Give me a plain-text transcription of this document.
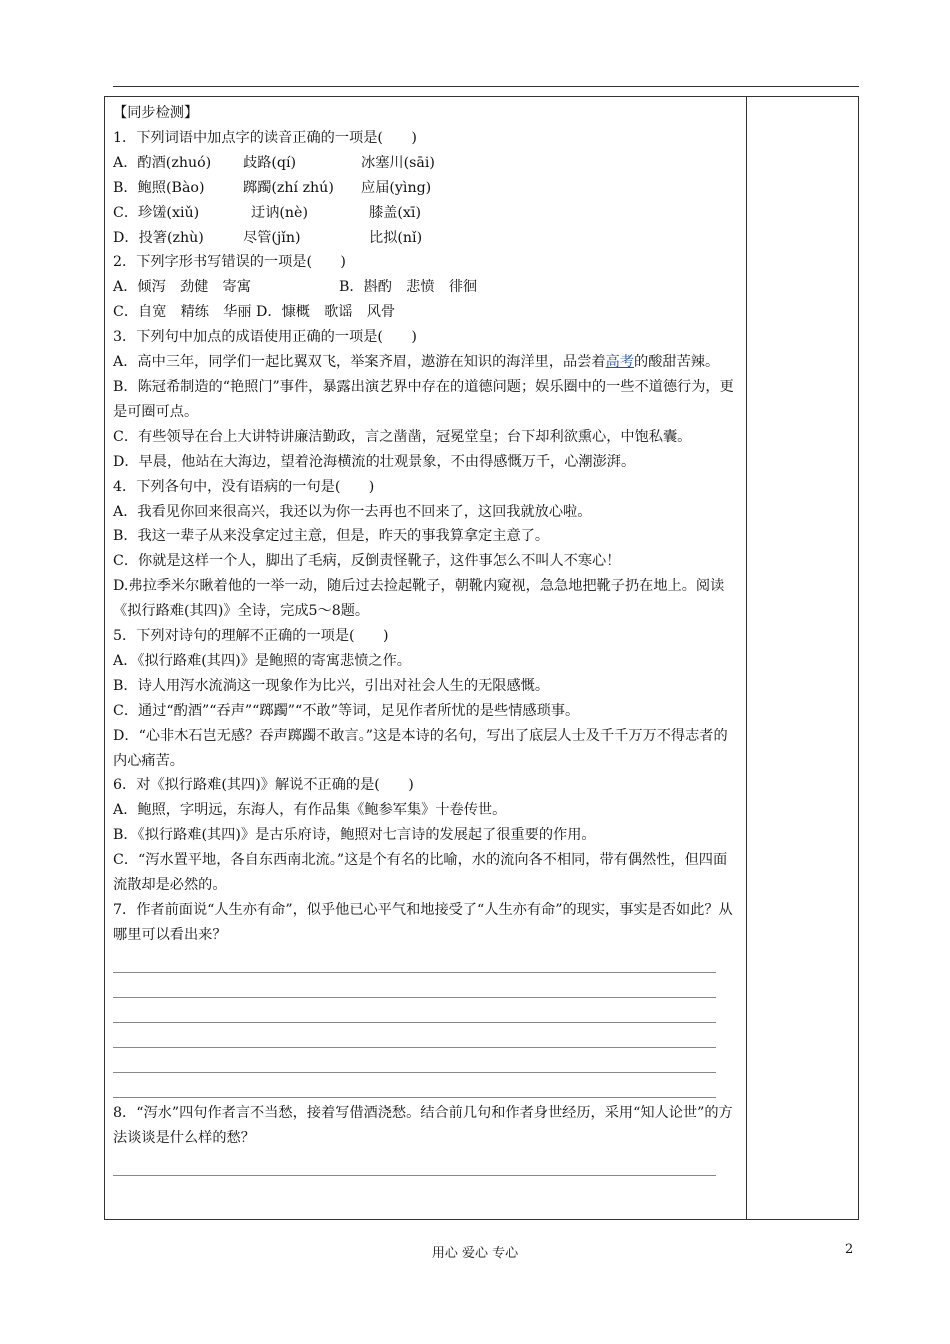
【同步检测】
1．下列词语中加点字的读音正确的一项是(　　)
A．酌酒(zhuó) 歧路(qí)	冰塞川(sāi)
B．鲍照(Bào)	踯躅(zhí zhú) 应届(yìng)
C．珍馐(xiǔ)	迂讷(nè)	膝盖(xī)
D．投箸(zhù)	尽管(jǐn)	比拟(nǐ)
2．下列字形书写错误的一项是(　　)
A．倾泻　劲健　寄寓	B．斟酌　悲愤　徘徊
C．自宽　精练　华丽 D．慷概　歌谣　风骨
3．下列句中加点的成语使用正确的一项是(　　)
A．高中三年，同学们一起比翼双飞，举案齐眉，遨游在知识的海洋里，品尝着高考的酸甜苦辣。
B．陈冠希制造的“艳照门”事件，暴露出演艺界中存在的道德问题；娱乐圈中的一些不道德行为，更是可圈可点。
C．有些领导在台上大讲特讲廉洁勤政，言之凿凿，冠冕堂皇；台下却利欲熏心，中饱私囊。
D．早晨，他站在大海边，望着沧海横流的壮观景象，不由得感慨万千，心潮澎湃。
4．下列各句中，没有语病的一句是(　　)
A．我看见你回来很高兴，我还以为你一去再也不回来了，这回我就放心啦。
B．我这一辈子从来没拿定过主意，但是，昨天的事我算拿定主意了。
C．你就是这样一个人，脚出了毛病，反倒责怪靴子，这件事怎么不叫人不寒心！
D.弗拉季米尔瞅着他的一举一动，随后过去捡起靴子，朝靴内窥视，急急地把靴子扔在地上。阅读《拟行路难(其四)》全诗，完成5～8题。
5．下列对诗句的理解不正确的一项是(　　)
A．《拟行路难(其四)》是鲍照的寄寓悲愤之作。
B．诗人用泻水流淌这一现象作为比兴，引出对社会人生的无限感慨。
C．通过“酌酒”“吞声”“踯躅”“不敢”等词，足见作者所忧的是些情感琐事。
D．“心非木石岂无感？吞声踯躅不敢言。”这是本诗的名句，写出了底层人士及千千万万不得志者的内心痛苦。
6．对《拟行路难(其四)》解说不正确的是(　　)
A．鲍照，字明远，东海人，有作品集《鲍参军集》十卷传世。
B．《拟行路难(其四)》是古乐府诗，鲍照对七言诗的发展起了很重要的作用。
C．“泻水置平地，各自东西南北流。”这是个有名的比喻，水的流向各不相同，带有偶然性，但四面流散却是必然的。
7．作者前面说“人生亦有命”，似乎他已心平气和地接受了“人生亦有命”的现实，事实是否如此？从哪里可以看出来？
8．“泻水”四句作者言不当愁，接着写借酒浇愁。结合前几句和作者身世经历，采用“知人论世”的方法谈谈是什么样的愁？
用心 爱心 专心	2
